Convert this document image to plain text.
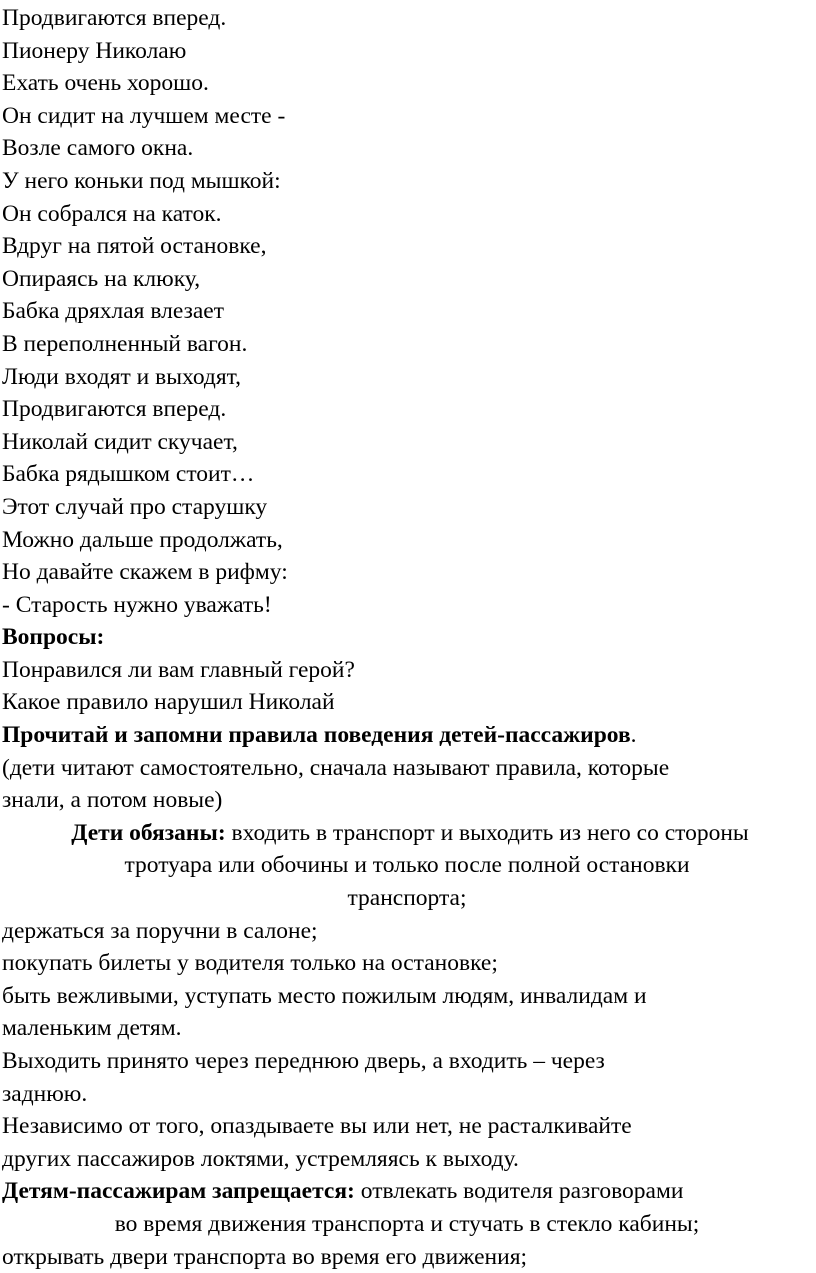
Продвигаются вперед.
Пионеру Николаю
Ехать очень хорошо.
Он сидит на лучшем месте -
Возле самого окна.
У него коньки под мышкой:
Он собрался на каток.
Вдруг на пятой остановке,
Опираясь на клюку,
Бабка дряхлая влезает
В переполненный вагон.
Люди входят и выходят,
Продвигаются вперед.
Николай сидит скучает,
Бабка рядышком стоит…
Этот случай про старушку
Можно дальше продолжать,
Но давайте скажем в рифму:
- Старость нужно уважать!
Вопросы:
Понравился ли вам главный герой?
Какое правило нарушил Николай
Прочитай и запомни правила поведения детей-пассажиров.
(дети читают самостоятельно, сначала называют правила, которые
знали, а потом новые)
Дети обязаны: входить в транспорт и выходить из него со стороны
тротуара или обочины и только после полной остановки
транспорта;
держаться за поручни в салоне;
покупать билеты у водителя только на остановке;
быть вежливыми, уступать место пожилым людям, инвалидам и
маленьким детям.
Выходить принято через переднюю дверь, а входить – через
заднюю.
Независимо от того, опаздываете вы или нет, не расталкивайте
других пассажиров локтями, устремляясь к выходу.
Детям-пассажирам запрещается: отвлекать водителя разговорами
во время движения транспорта и стучать в стекло кабины;
открывать двери транспорта во время его движения;
